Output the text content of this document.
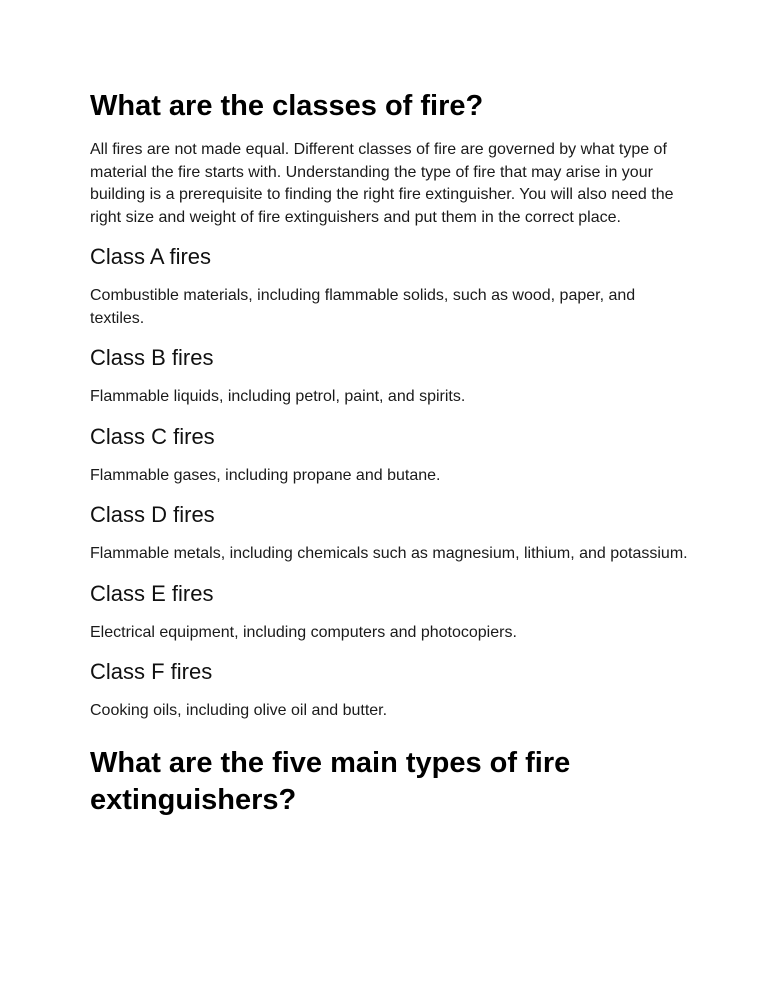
What are the classes of fire?

All fires are not made equal. Different classes of fire are governed by what type of material the fire starts with. Understanding the type of fire that may arise in your building is a prerequisite to finding the right fire extinguisher. You will also need the right size and weight of fire extinguishers and put them in the correct place.

Class A fires

Combustible materials, including flammable solids, such as wood, paper, and textiles.

Class B fires

Flammable liquids, including petrol, paint, and spirits.

Class C fires

Flammable gases, including propane and butane.

Class D fires

Flammable metals, including chemicals such as magnesium, lithium, and potassium.

Class E fires

Electrical equipment, including computers and photocopiers.

Class F fires

Cooking oils, including olive oil and butter.

What are the five main types of fire extinguishers?
